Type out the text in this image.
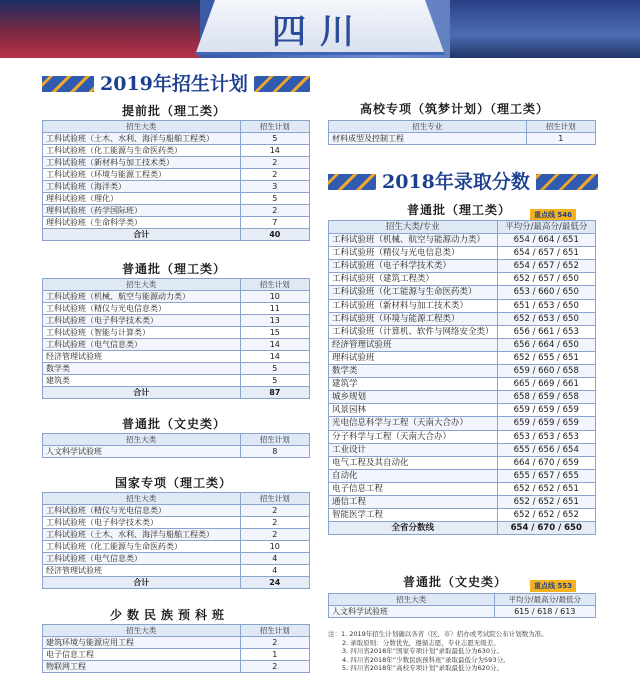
四川
2019年招生计划
提前批（理工类）
招生大类	招生计划
工科试验班（土木、水利、海洋与船舶工程类）	5
工科试验班（化工能源与生命医药类）	14
工科试验班（新材料与加工技术类）	2
工科试验班（环境与能源工程类）	2
工科试验班（海洋类）	3
理科试验班（理化）	5
理科试验班（药学国际班）	2
理科试验班（生命科学类）	7
合计	40
普通批（理工类）
招生大类	招生计划
工科试验班（机械、航空与能源动力类）	10
工科试验班（精仪与光电信息类）	11
工科试验班（电子科学技术类）	13
工科试验班（智能与计算类）	15
工科试验班（电气信息类）	14
经济管理试验班	14
数学类	5
建筑类	5
合计	87
普通批（文史类）
招生大类	招生计划
人文科学试验班	8
国家专项（理工类）
招生大类	招生计划
工科试验班（精仪与光电信息类）	2
工科试验班（电子科学技术类）	2
工科试验班（土木、水利、海洋与船舶工程类）	2
工科试验班（化工能源与生命医药类）	10
工科试验班（电气信息类）	4
经济管理试验班	4
合计	24
少数民族预科班
招生大类	招生计划
建筑环境与能源应用工程	2
电子信息工程	1
物联网工程	2
高校专项（筑梦计划）（理工类）
招生专业	招生计划
材料成型及控制工程	1
2018年录取分数
普通批（理工类）	重点线 546
招生大类/专业	平均分/最高分/最低分
工科试验班（机械、航空与能源动力类）	654 / 664 / 651
工科试验班（精仪与光电信息类）	654 / 657 / 651
工科试验班（电子科学技术类）	654 / 657 / 652
工科试验班（建筑工程类）	652 / 657 / 650
工科试验班（化工能源与生命医药类）	653 / 660 / 650
工科试验班（新材料与加工技术类）	651 / 653 / 650
工科试验班（环境与能源工程类）	652 / 653 / 650
工科试验班（计算机、软件与网络安全类）	656 / 661 / 653
经济管理试验班	656 / 664 / 650
理科试验班	652 / 655 / 651
数学类	659 / 660 / 658
建筑学	665 / 669 / 661
城乡规划	658 / 659 / 658
风景园林	659 / 659 / 659
光电信息科学与工程（天南大合办）	659 / 659 / 659
分子科学与工程（天南大合办）	653 / 653 / 653
工业设计	655 / 656 / 654
电气工程及其自动化	664 / 670 / 659
自动化	655 / 657 / 655
电子信息工程	652 / 652 / 651
通信工程	652 / 652 / 651
智能医学工程	652 / 652 / 652
全省分数线	654 / 670 / 650
普通批（文史类）	重点线 553
招生大类	平均分/最高分/最低分
人文科学试验班	615 / 618 / 613
注：1. 2019年招生计划确以各省（区、市）招办或考试院公布计划数为准。
2. 录取原则：分数优先，遵循志愿，专业志愿无级差。
3. 四川省2018年“国家专项计划”录取最低分为630分。
4. 四川省2018年“少数民族预科班”录取最低分为593分。
5. 四川省2018年“高校专项计划”录取最低分为620分。
